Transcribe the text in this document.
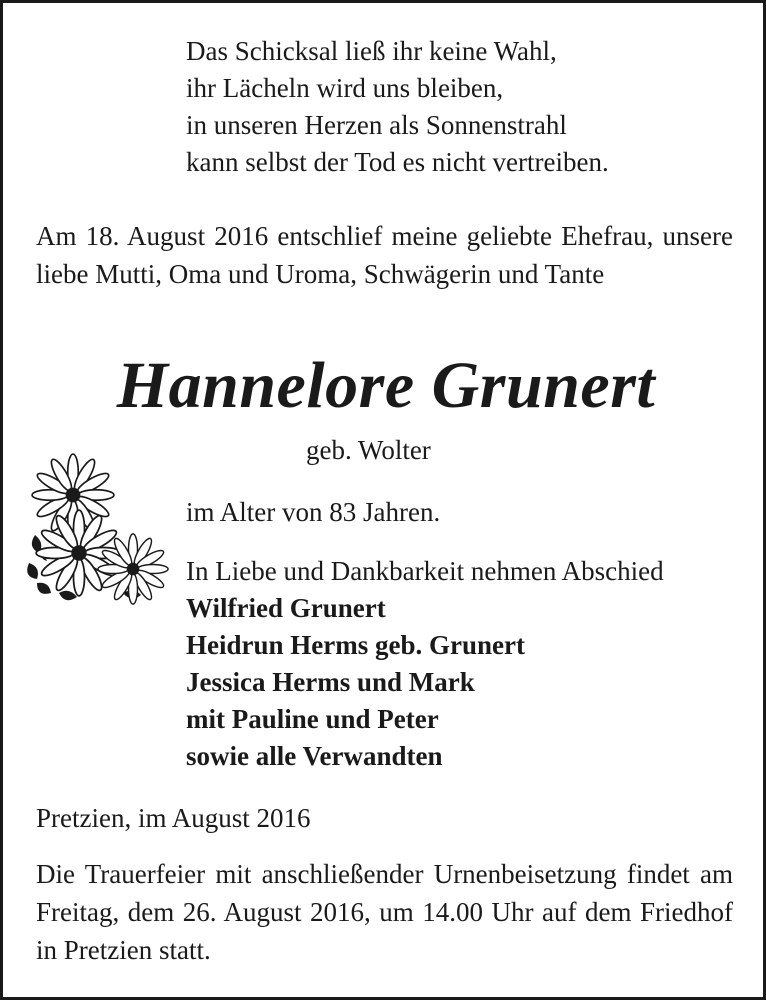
Das Schicksal ließ ihr keine Wahl,
ihr Lächeln wird uns bleiben,
in unseren Herzen als Sonnenstrahl
kann selbst der Tod es nicht vertreiben.
Am 18. August 2016 entschlief meine geliebte Ehefrau, unsere liebe Mutti, Oma und Uroma, Schwägerin und Tante
Hannelore Grunert
geb. Wolter
im Alter von 83 Jahren.
In Liebe und Dankbarkeit nehmen Abschied
Wilfried Grunert
Heidrun Herms geb. Grunert
Jessica Herms und Mark
mit Pauline und Peter
sowie alle Verwandten
Pretzien, im August 2016
Die Trauerfeier mit anschließender Urnenbeisetzung findet am Freitag, dem 26. August 2016, um 14.00 Uhr auf dem Friedhof in Pretzien statt.
